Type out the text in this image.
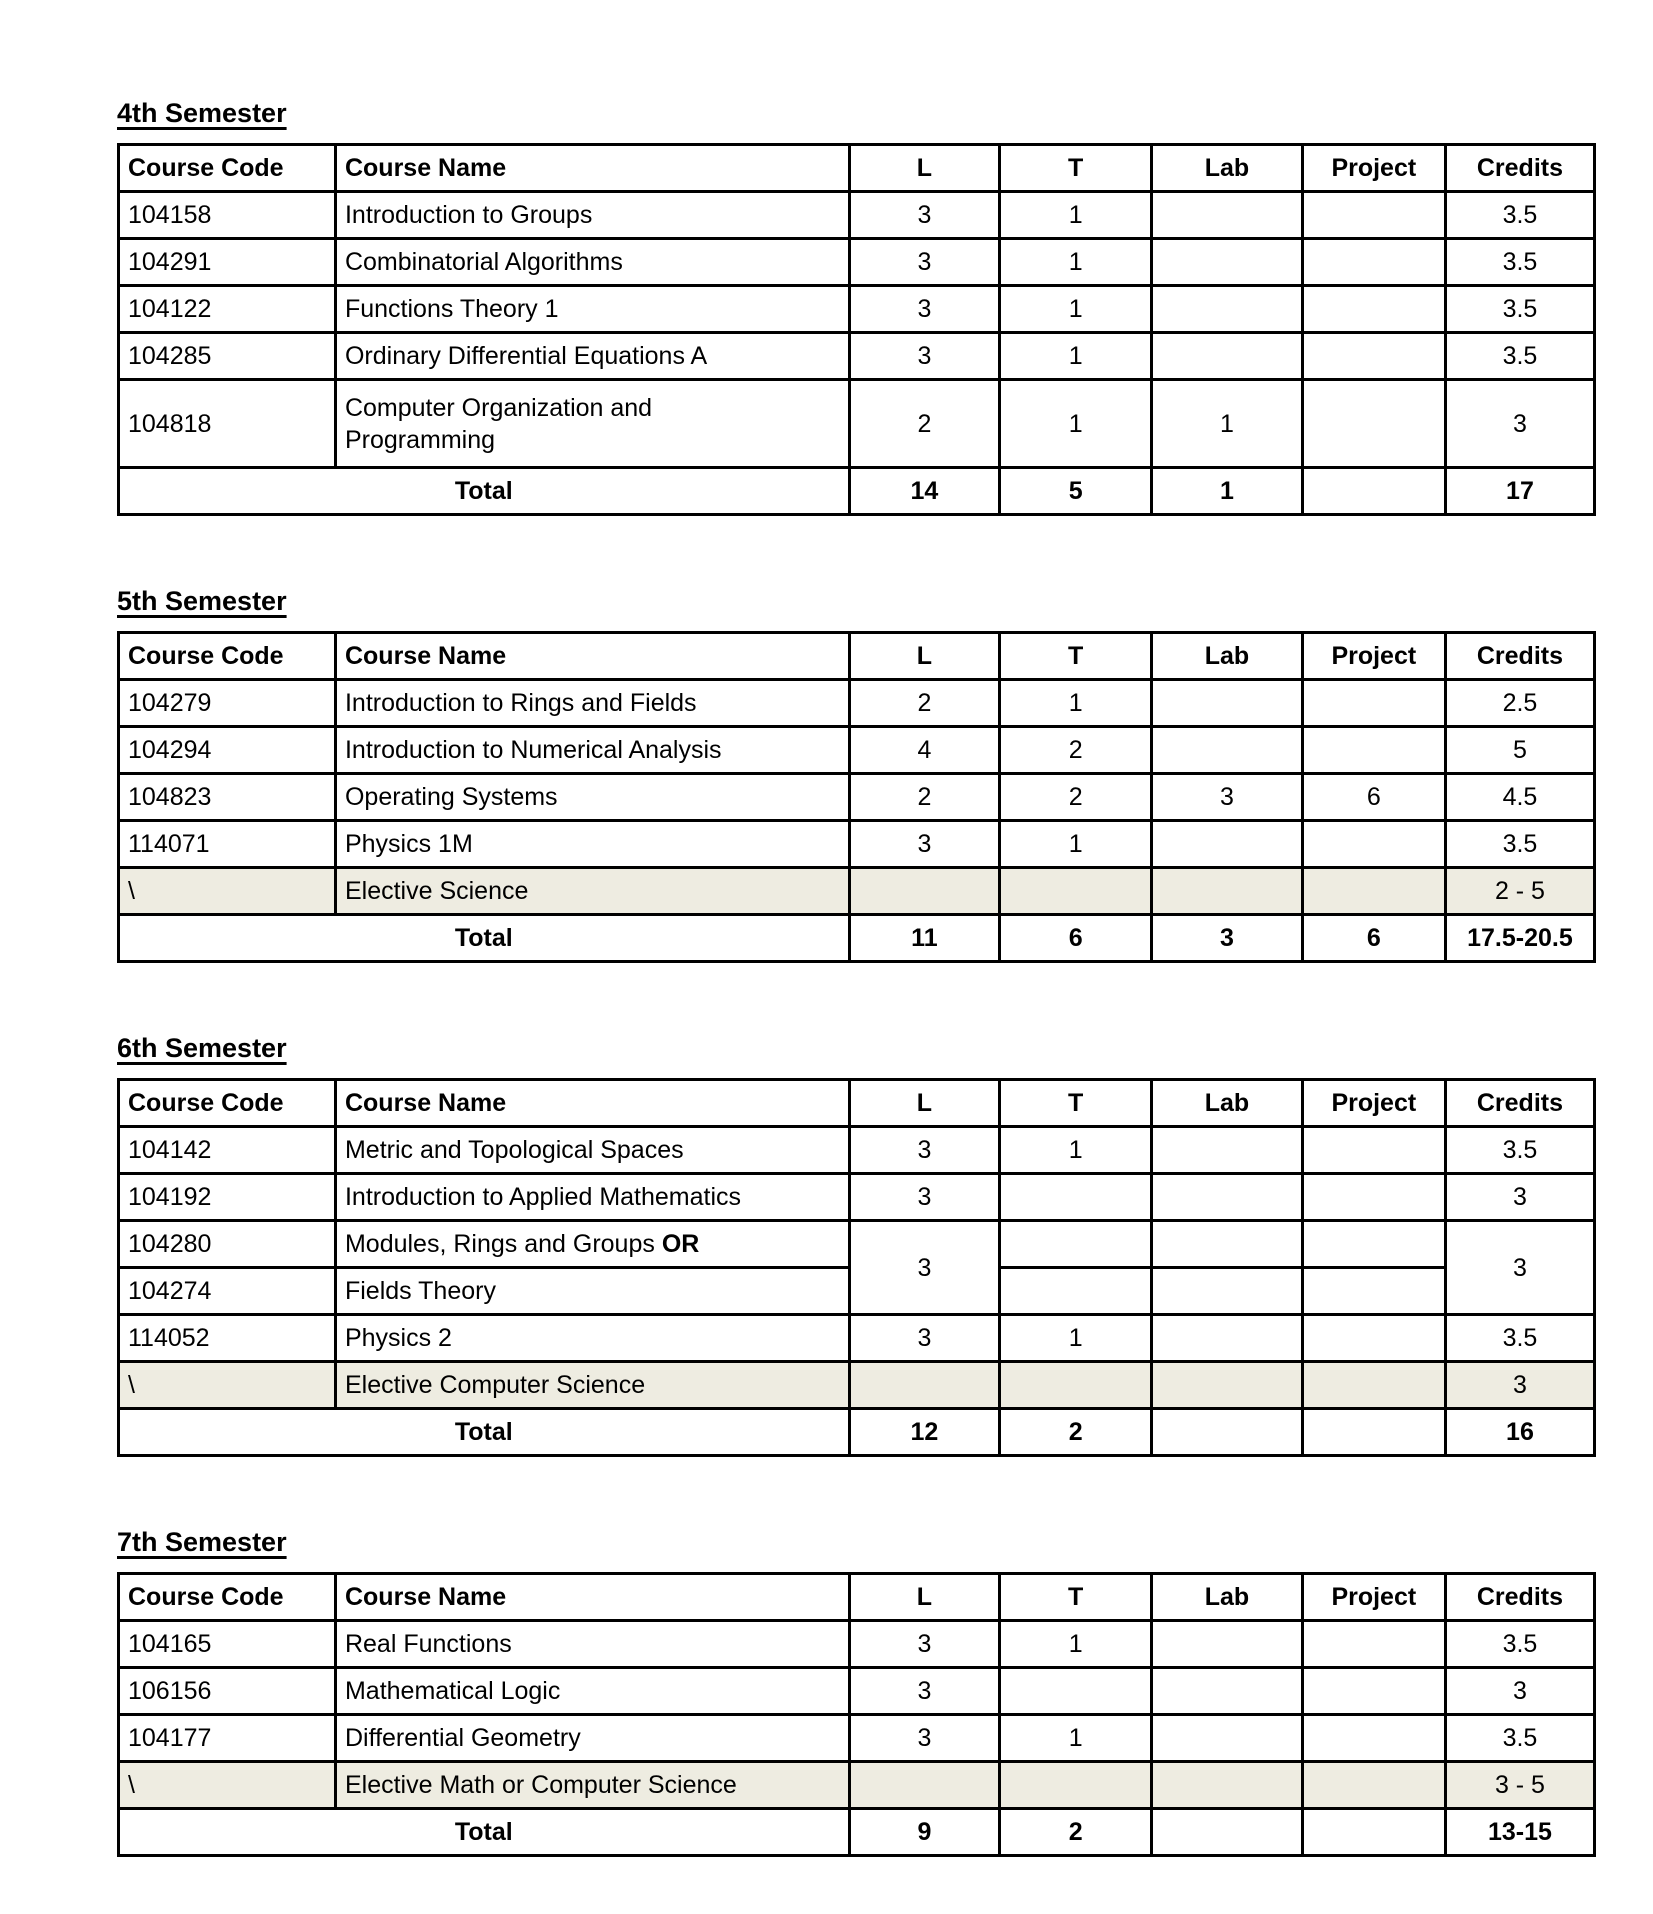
4th Semester
Course Code	Course Name	L	T	Lab	Project	Credits
104158	Introduction to Groups	3	1			3.5
104291	Combinatorial Algorithms	3	1			3.5
104122	Functions Theory 1	3	1			3.5
104285	Ordinary Differential Equations A	3	1			3.5
104818	Computer Organization and
Programming	2	1	1		3
Total		14	5	1		17
5th Semester
Course Code	Course Name	L	T	Lab	Project	Credits
104279	Introduction to Rings and Fields	2	1			2.5
104294	Introduction to Numerical Analysis	4	2			5
104823	Operating Systems	2	2	3	6	4.5
114071	Physics 1M	3	1			3.5
\	Elective Science					2 - 5
Total		11	6	3	6	17.5-20.5
6th Semester
Course Code	Course Name	L	T	Lab	Project	Credits
104142	Metric and Topological Spaces	3	1			3.5
104192	Introduction to Applied Mathematics	3				3
104280	Modules, Rings and Groups OR	3				3
104274	Fields Theory					
114052	Physics 2	3	1			3.5
\	Elective Computer Science					3
Total		12	2			16
7th Semester
Course Code	Course Name	L	T	Lab	Project	Credits
104165	Real Functions	3	1			3.5
106156	Mathematical Logic	3				3
104177	Differential Geometry	3	1			3.5
\	Elective Math or Computer Science					3 - 5
Total		9	2			13-15
